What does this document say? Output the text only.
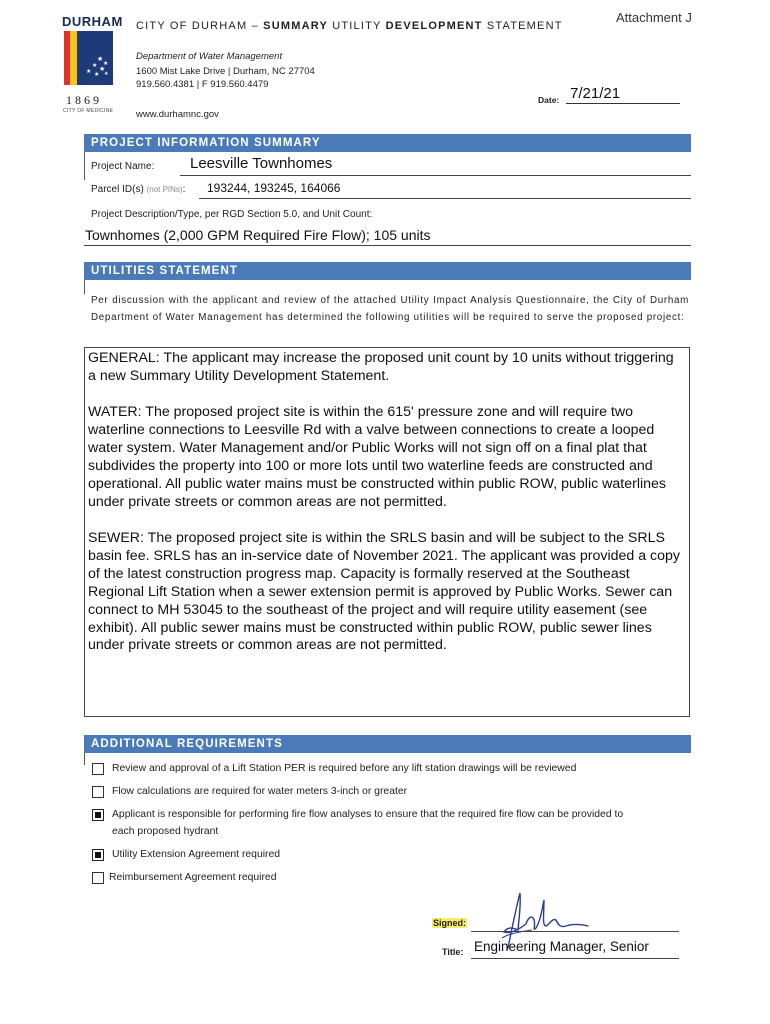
DURHAM
★
★
★ ★
★ ★ ★
1869
CITY OF MEDICINE
CITY OF DURHAM – SUMMARY UTILITY DEVELOPMENT STATEMENT
Attachment J
Department of Water Management
1600 Mist Lake Drive | Durham, NC 27704
919.560.4381 | F 919.560.4479
www.durhamnc.gov
Date: 7/21/21
PROJECT INFORMATION SUMMARY
Project Name: Leesville Townhomes
Parcel ID(s) (not PINs): 193244, 193245, 164066
Project Description/Type, per RGD Section 5.0, and Unit Count:
Townhomes (2,000 GPM Required Fire Flow); 105 units
UTILITIES STATEMENT
Per discussion with the applicant and review of the attached Utility Impact Analysis Questionnaire, the City of Durham Department of Water Management has determined the following utilities will be required to serve the proposed project:
GENERAL: The applicant may increase the proposed unit count by 10 units without triggering a new Summary Utility Development Statement.
WATER: The proposed project site is within the 615' pressure zone and will require two waterline connections to Leesville Rd with a valve between connections to create a looped water system. Water Management and/or Public Works will not sign off on a final plat that subdivides the property into 100 or more lots until two waterline feeds are constructed and operational. All public water mains must be constructed within public ROW, public waterlines under private streets or common areas are not permitted.
SEWER: The proposed project site is within the SRLS basin and will be subject to the SRLS basin fee. SRLS has an in-service date of November 2021. The applicant was provided a copy of the latest construction progress map. Capacity is formally reserved at the Southeast Regional Lift Station when a sewer extension permit is approved by Public Works. Sewer can connect to MH 53045 to the southeast of the project and will require utility easement (see exhibit). All public sewer mains must be constructed within public ROW, public sewer lines under private streets or common areas are not permitted.
ADDITIONAL REQUIREMENTS
Review and approval of a Lift Station PER is required before any lift station drawings will be reviewed
Flow calculations are required for water meters 3-inch or greater
Applicant is responsible for performing fire flow analyses to ensure that the required fire flow can be provided to each proposed hydrant
Utility Extension Agreement required
Reimbursement Agreement required
Signed:
Title: Engineering Manager, Senior
